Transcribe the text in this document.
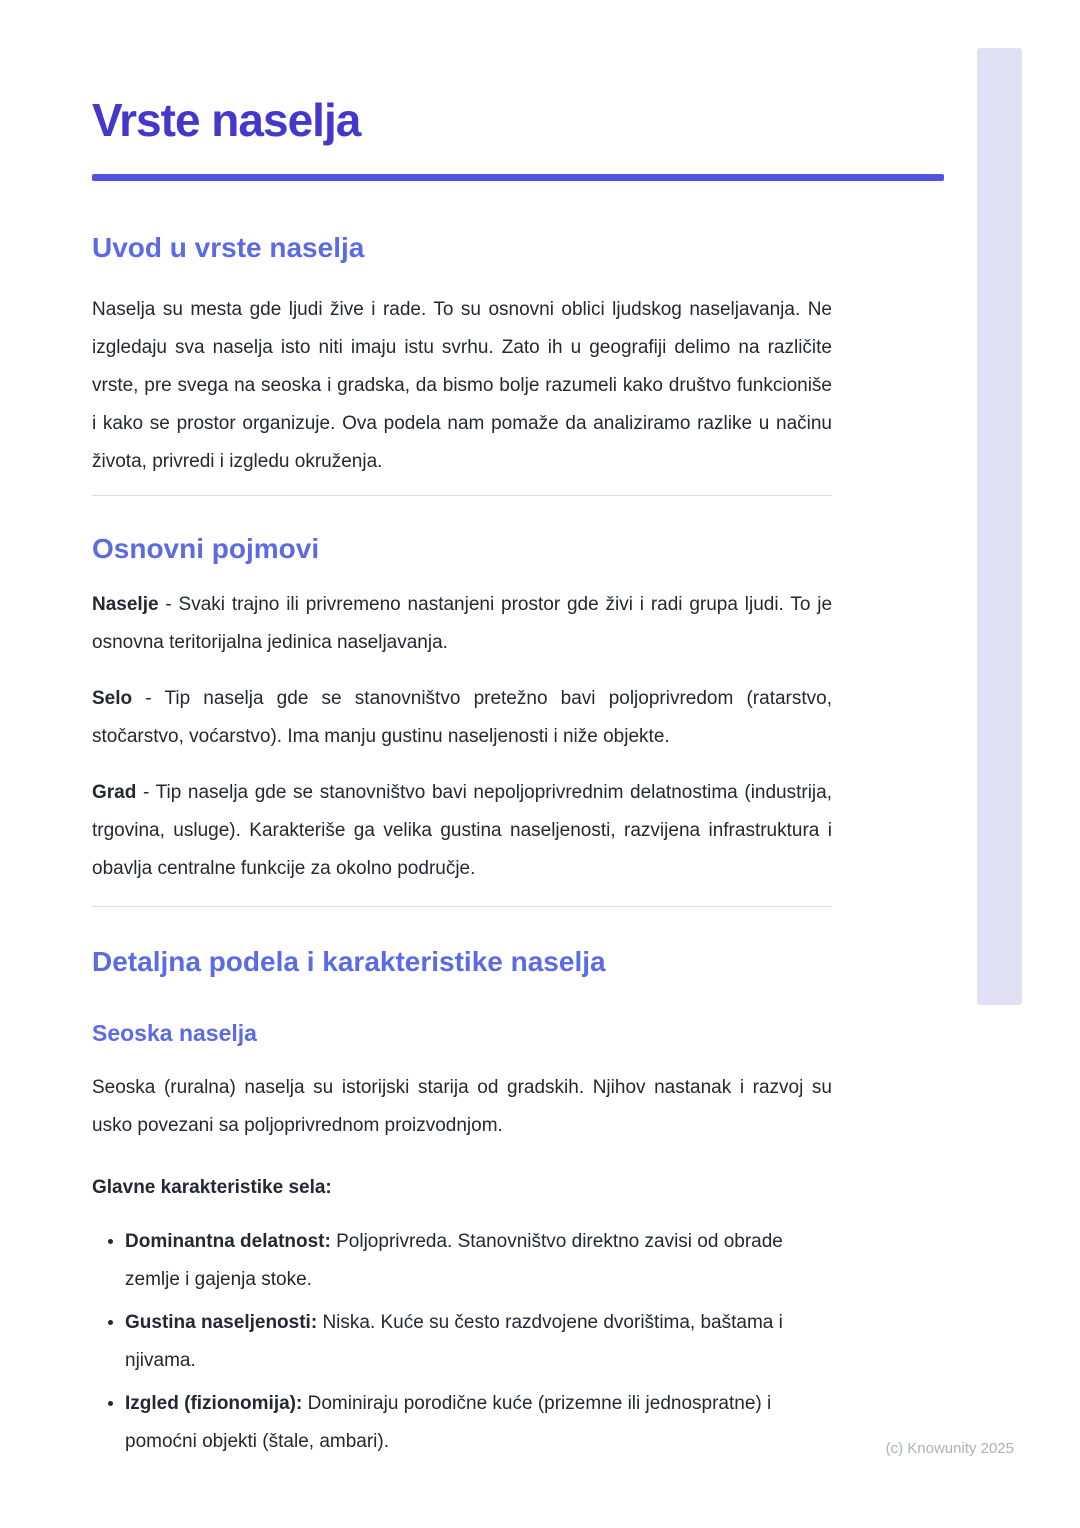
Vrste naselja
Uvod u vrste naselja

Naselja su mesta gde ljudi žive i rade. To su osnovni oblici ljudskog naseljavanja. Ne izgledaju sva naselja isto niti imaju istu svrhu. Zato ih u geografiji delimo na različite vrste, pre svega na seoska i gradska, da bismo bolje razumeli kako društvo funkcioniše i kako se prostor organizuje. Ova podela nam pomaže da analiziramo razlike u načinu života, privredi i izgledu okruženja.

Osnovni pojmovi

Naselje - Svaki trajno ili privremeno nastanjeni prostor gde živi i radi grupa ljudi. To je osnovna teritorijalna jedinica naseljavanja.

Selo - Tip naselja gde se stanovništvo pretežno bavi poljoprivredom (ratarstvo, stočarstvo, voćarstvo). Ima manju gustinu naseljenosti i niže objekte.

Grad - Tip naselja gde se stanovništvo bavi nepoljoprivrednim delatnostima (industrija, trgovina, usluge). Karakteriše ga velika gustina naseljenosti, razvijena infrastruktura i obavlja centralne funkcije za okolno područje.

Detaljna podela i karakteristike naselja
Seoska naselja

Seoska (ruralna) naselja su istorijski starija od gradskih. Njihov nastanak i razvoj su usko povezani sa poljoprivrednom proizvodnjom.

Glavne karakteristike sela:

• Dominantna delatnost: Poljoprivreda. Stanovništvo direktno zavisi od obrade zemlje i gajenja stoke.
• Gustina naseljenosti: Niska. Kuće su često razdvojene dvorištima, baštama i njivama.
• Izgled (fizionomija): Dominiraju porodične kuće (prizemne ili jednospratne) i pomoćni objekti (štale, ambari).	(c) Knowunity 2025
